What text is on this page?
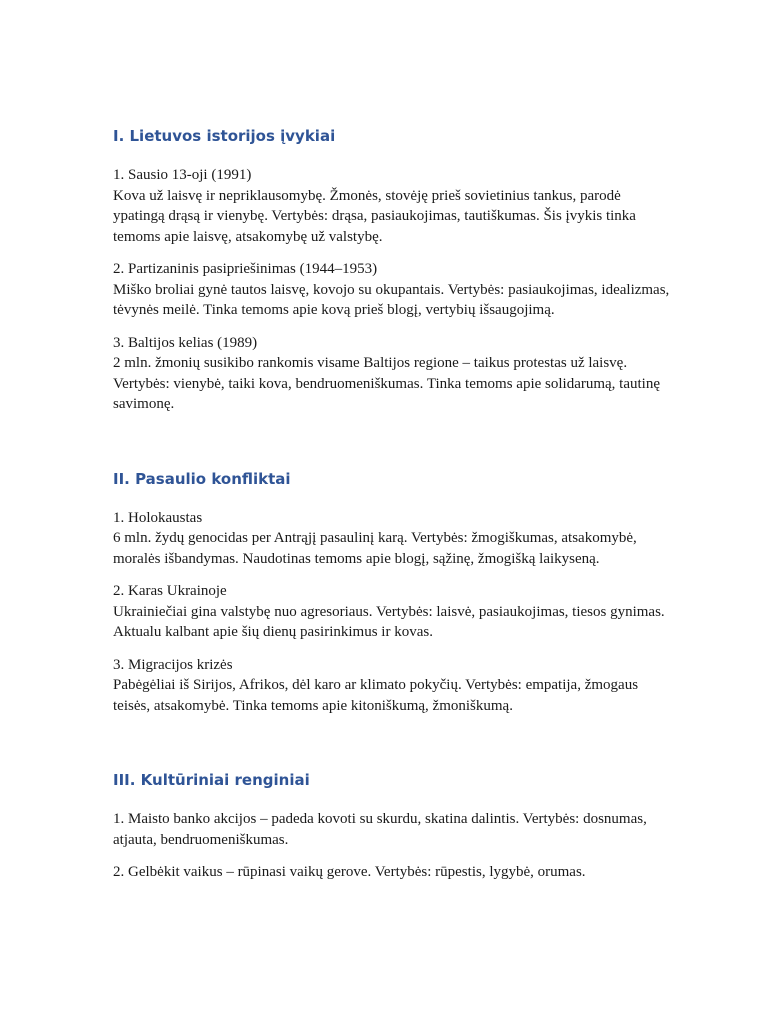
I. Lietuvos istorijos įvykiai

1. Sausio 13-oji (1991)
Kova už laisvę ir nepriklausomybę. Žmonės, stovėję prieš sovietinius tankus, parodė ypatingą drąsą ir vienybę. Vertybės: drąsa, pasiaukojimas, tautiškumas. Šis įvykis tinka temoms apie laisvę, atsakomybę už valstybę.

2. Partizaninis pasipriešinimas (1944–1953)
Miško broliai gynė tautos laisvę, kovojo su okupantais. Vertybės: pasiaukojimas, idealizmas, tėvynės meilė. Tinka temoms apie kovą prieš blogį, vertybių išsaugojimą.

3. Baltijos kelias (1989)
2 mln. žmonių susikibo rankomis visame Baltijos regione – taikus protestas už laisvę. Vertybės: vienybė, taiki kova, bendruomeniškumas. Tinka temoms apie solidarumą, tautinę savimonę.

II. Pasaulio konfliktai

1. Holokaustas
6 mln. žydų genocidas per Antrąjį pasaulinį karą. Vertybės: žmogiškumas, atsakomybė, moralės išbandymas. Naudotinas temoms apie blogį, sąžinę, žmogišką laikyseną.

2. Karas Ukrainoje
Ukrainiečiai gina valstybę nuo agresoriaus. Vertybės: laisvė, pasiaukojimas, tiesos gynimas. Aktualu kalbant apie šių dienų pasirinkimus ir kovas.

3. Migracijos krizės
Pabėgėliai iš Sirijos, Afrikos, dėl karo ar klimato pokyčių. Vertybės: empatija, žmogaus teisės, atsakomybė. Tinka temoms apie kitoniškumą, žmoniškumą.

III. Kultūriniai renginiai

1. Maisto banko akcijos – padeda kovoti su skurdu, skatina dalintis. Vertybės: dosnumas, atjauta, bendruomeniškumas.

2. Gelbėkit vaikus – rūpinasi vaikų gerove. Vertybės: rūpestis, lygybė, orumas.
